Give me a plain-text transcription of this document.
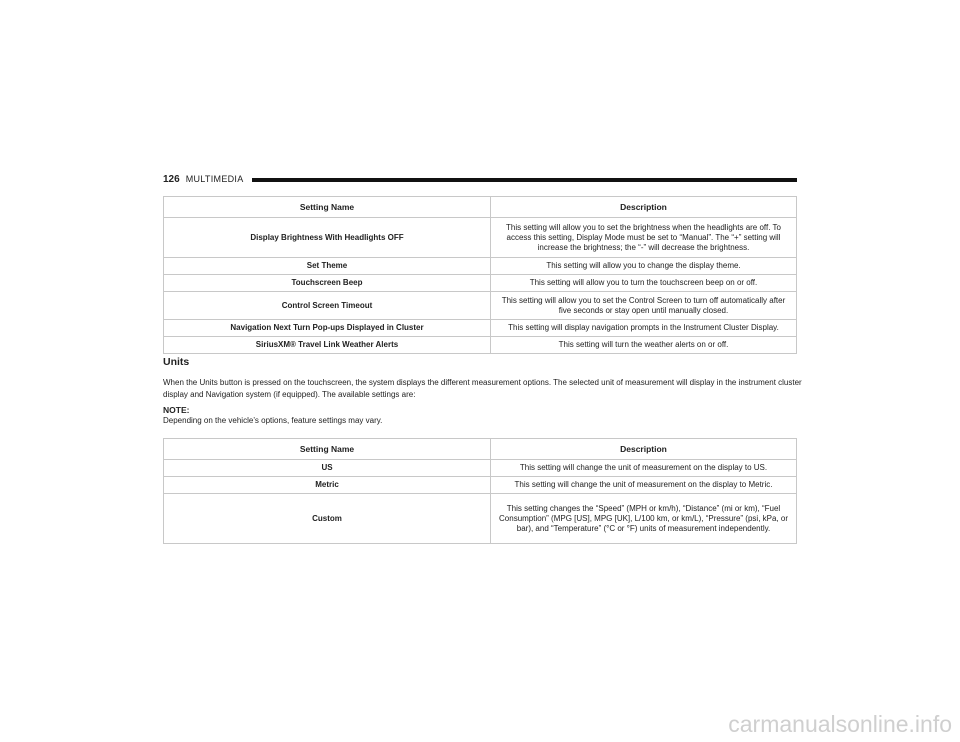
126 MULTIMEDIA
Setting Name	Description
Display Brightness With Headlights OFF	This setting will allow you to set the brightness when the headlights are off. To access this setting, Display Mode must be set to “Manual”. The “+” setting will increase the brightness; the “-” will decrease the brightness.
Set Theme	This setting will allow you to change the display theme.
Touchscreen Beep	This setting will allow you to turn the touchscreen beep on or off.
Control Screen Timeout	This setting will allow you to set the Control Screen to turn off automatically after five seconds or stay open until manually closed.
Navigation Next Turn Pop-ups Displayed in Cluster	This setting will display navigation prompts in the Instrument Cluster Display.
SiriusXM® Travel Link Weather Alerts	This setting will turn the weather alerts on or off.
Units
When the Units button is pressed on the touchscreen, the system displays the different measurement options. The selected unit of measurement will display in the instrument cluster display and Navigation system (if equipped). The available settings are:
NOTE:
Depending on the vehicle’s options, feature settings may vary.
Setting Name	Description
US	This setting will change the unit of measurement on the display to US.
Metric	This setting will change the unit of measurement on the display to Metric.
Custom	This setting changes the “Speed” (MPH or km/h), “Distance” (mi or km), “Fuel Consumption” (MPG [US], MPG [UK], L/100 km, or km/L), “Pressure” (psi, kPa, or bar), and “Temperature” (°C or °F) units of measurement independently.
carmanualsonline.info
